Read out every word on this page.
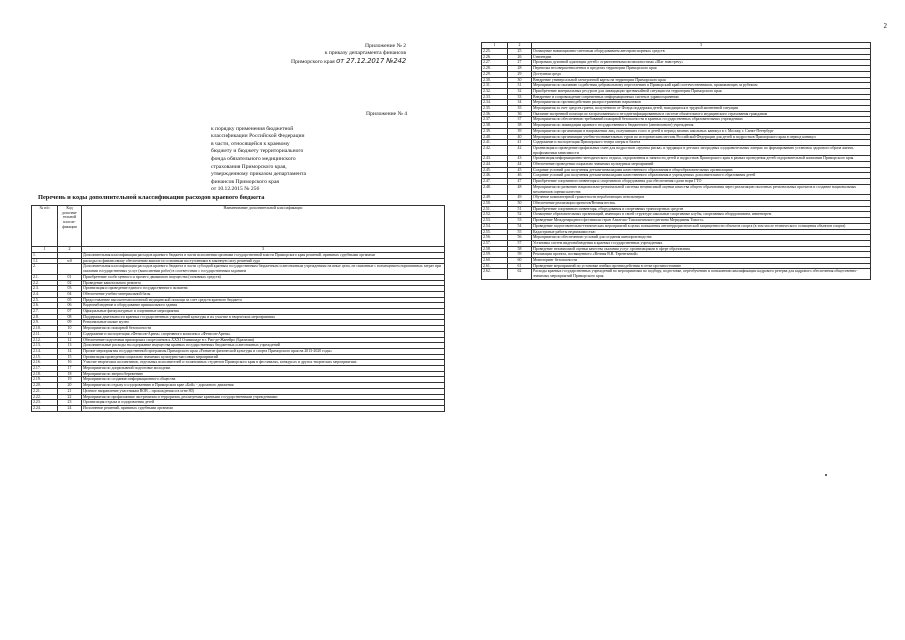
Приложение № 2
к приказу департамента финансов
Приморского края от 27.12.2017 №242
Приложение № 4
к порядку применения бюджетной
классификации Российской Федерации
в части, относящейся к краевому
бюджету и бюджету территориального
фонда обязательного медицинского
страхования Приморского края,
утвержденному приказом департамента
финансов Приморского края
от 10.12.2015 № 256
Перечень и коды дополнительной классификации расходов краевого бюджета
№ п/п	Код дополни-тельной класси-фикации	Наименование дополнительной классификации
1	2	3
1.		Дополнительная классификация расходов краевого бюджета в части исполнения органами государственной власти Приморского края решений, принятых судебными органами
1.1	w0	расходы по финансовому обеспечению выплат по основным поступлениям в законную силу решений суда
2.		Дополнительная классификация расходов краевого бюджета в части субсидий краевым государственным бюджетным и автономным учреждениям на иные цели, не связанные с возмещением нормативных затрат при оказании государственных услуг (выполнении работ) в соответствии с государственным заданием
2.1.	01	Приобретение особо ценного и прочего движимого имущества (основных средств)
2.2.	02	Проведение капитального ремонта
2.3.	03	Организация и проведение единого государственного экзамена
2.4.	04	Обеспечение учебно-материальной базы
2.5.	05	Предоставление высокотехнологичной медицинской помощи за счет средств краевого бюджета
2.6.	06	Видеонаблюдение и оборудование пришкольного здания
2.7.	07	Официальные физкультурные и спортивные мероприятия
2.8.	08	Поддержка деятельности краевых государственных учреждений культуры и их участие в творческих мероприятиях
2.9.	09	Региональные малые музеи
2.10.	10	Мероприятия по пожарной безопасности
2.11.	11	Содержание и эксплуатация «Фетисов-Арена» спортивного комплекса «Фетисов-Арена»
2.12.	12	Обеспечение подготовки приморских спортсменов к XXXI Олимпиаде в г. Рио-де-Жанейро (Бразилия)
2.13.	13	Дополнительные расходы на содержание имущества краевых государственных бюджетных и автономных учреждений
2.14.	14	Прочие мероприятия государственной программы Приморского края «Развитие физической культуры и спорта Приморского края на 2013-2020 годы»
2.15.	15	Организация проведения социально значимых культурно-массовых мероприятий
2.16.	16	Участие творческих коллективов, отдельных исполнителей и талантливых студентов Приморского края в фестивалях, конкурсах и других творческих мероприятиях
2.17.	17	Мероприятия по допризывной подготовке молодежи
2.18.	18	Мероприятия по энергосбережению
2.19.	19	Мероприятия по созданию информационного общества
2.20.	20	Мероприятия по отдыху и оздоровлению в Приморском крае «Бой» - дорожного движения
2.21.	21	Целевое направление участникам ВОВ – прохождения и в огне 80)
2.22.	22	Мероприятия по профилактике экстремизма и терроризма, реализуемые краевыми государственными учреждениями
2.23.	23	Организация отдыха и оздоровления детей
2.24.	24	Исполнение решений, принятых судебными органами
2
1	2	3
2.25.	25	Оснащение навигационно-световым оборудованием автотранспортных средств
2.26.	26	Стипендии
2.27.	27	Программа духовной адаптации детей с ограниченными возможностями «Шаг навстречу»
2.28.	28	Перевозка несовершеннолетних в пределах территории Приморского края
2.29.	29	Доступная среда
2.30.	30	Внедрение универсальной электронной карты на территории Приморского края
2.31.	31	Мероприятия по оказанию содействия добровольному переселению в Приморский край соотечественников, проживающих за рубежом
2.32.	32	Приобретение материальных ресурсов для ликвидации чрезвычайной ситуации на территории Приморского края
2.33.	33	Внедрение и сопровождение современных информационных систем в здравоохранении
2.34.	34	Мероприятия по противодействию распространению наркотиков
2.35.	35	Мероприятия за счет средств гранта, полученного от Фонда поддержки детей, находящихся в трудной жизненной ситуации
2.36.	36	Оказание экстренной помощи по застрахованным и не идентифицированным в системе обязательного медицинского страхования гражданам
2.37.	37	Мероприятия по обеспечению требований пожарной безопасности в краевых государственных образовательных учреждениях
2.38.	38	Мероприятия по ликвидации краевого государственного бюджетного (автономного) учреждения
2.39.	39	Мероприятия по организации в направлении лиц, получивших голос в детей в период зимних школьных каникул в г. Москву, г. Санкт-Петербург
2.40.	40	Мероприятия по организации учебно-познавательных туров по историческим местам Российской Федерации для детей и подростков Приморского края в период каникул
2.41.	41	Содержание и эксплуатация Приморского театра оперы и балета
2.42.	42	Организация и проведение профильных смен для подростков «группы риска» и трудящих в детских загородных оздоровительных лагерях по формированию установок здорового образа жизни, профилактики зависимости
2.43.	43	Организация информационно-методического отдыха, оздоровления и занятости детей и подростков Приморского края в рамках проведения детей оздоровительной компании Приморского края
2.44.	44	Обеспечение проведения социально значимых культурных мероприятий
2.45.	45	Создание условий для получения детьми-инвалидами качественного образования в общеобразовательных организациях
2.46.	46	Создание условий для получения детьми-инвалидами качественного образования в учреждениях дополнительного образования детей
2.47.	47	Приобретение спортивного инвентаря и спортивного оборудования для обеспечения сдачи норм ГТО
2.48.	48	Мероприятия по развитию национально-региональной системы независимой оценки качества общего образования через реализацию пилотных региональных проектов и создание национальных механизмов оценки качества
2.49.	49	Обучение компьютерной грамотности неработающих пенсионеров
2.50.	50	Обеспечение реализации проектов/Вечная весна»
2.51.	51	Приобретение спортивного инвентаря, оборудования и спортивных транспортных средств
2.52.	52	Оснащение образовательных организаций, имеющих в своей структуре школьные спортивные клубы, спортивным оборудованием, инвентарем
2.53.	53	Проведение Международного фестиваля стран Азиатско-Тихоокеанского региона Меридианы Тихого»
2.54.	54	Проведение подготовительно-технических мероприятий в целях повышения антитеррористической защищенности объектов спорта (в том числе технического оснащения объектов спорта)
2.55.	55	Кадастровые работы недвижимостью
2.56.	56	Мероприятия по обеспечению условий для создания кинопроизводства
2.57.	57	Установка систем видеонаблюдения в краевых государственных учреждениях
2.58.	58	Проведение независимой оценки качества оказания услуг организациями в сфере образования
2.59.	59	Реализация проекта, посвященного «Вечная В.В. Терентьевой»
2.60.	60	Мониторинг безопасности
2.61.	61	Проведение мероприятий по установке ячейки противодействия в сетке противостоянию
2.62.	62	Расходы краевых государственных учреждений по мероприятиям по подбору, подготовке, переобучению и повышению квалификации кадрового резерва для кадрового обеспечения общественно-значимых мероприятий Приморского края
